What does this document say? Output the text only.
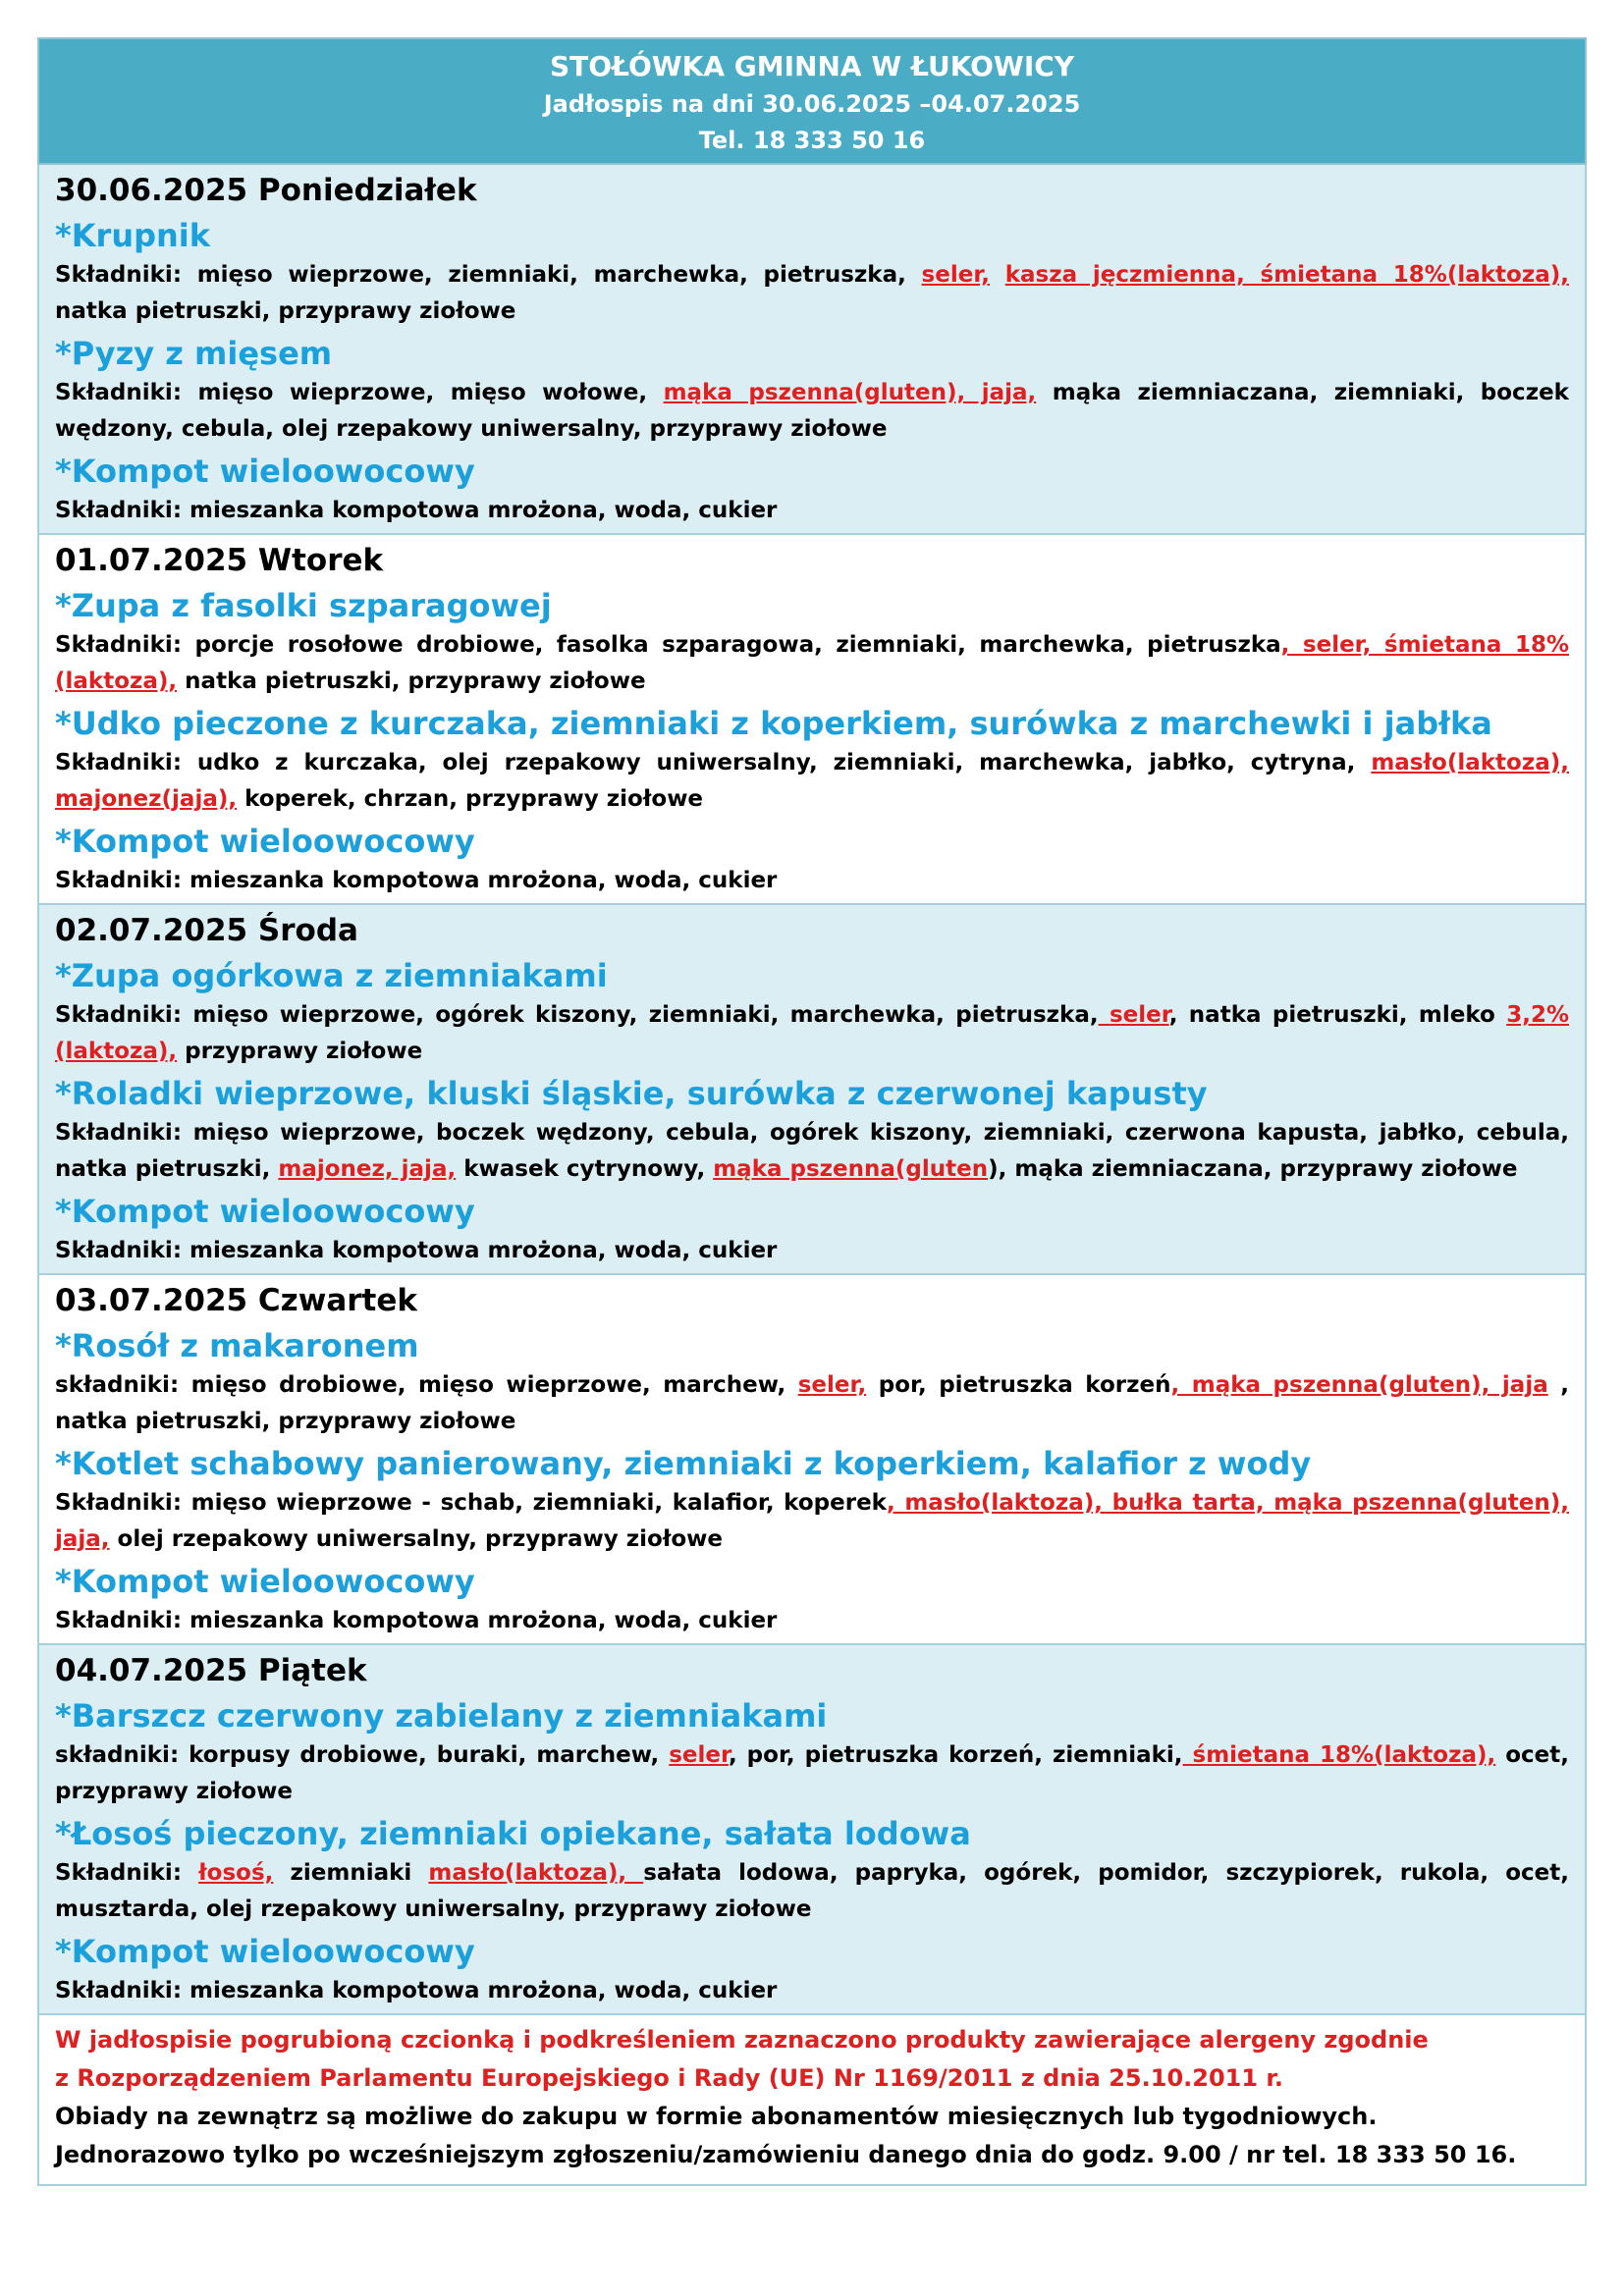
STOŁÓWKA GMINNA W ŁUKOWICY
Jadłospis na dni 30.06.2025 –04.07.2025
Tel. 18 333 50 16
30.06.2025 Poniedziałek
*Krupnik
Składniki: mięso wieprzowe, ziemniaki, marchewka, pietruszka, seler, kasza jęczmienna, śmietana 18%(laktoza), natka pietruszki, przyprawy ziołowe
*Pyzy z mięsem
Składniki: mięso wieprzowe, mięso wołowe, mąka pszenna(gluten), jaja, mąka ziemniaczana, ziemniaki, boczek wędzony, cebula, olej rzepakowy uniwersalny, przyprawy ziołowe
*Kompot wieloowocowy
Składniki: mieszanka kompotowa mrożona, woda, cukier
01.07.2025 Wtorek
*Zupa z fasolki szparagowej
Składniki: porcje rosołowe drobiowe, fasolka szparagowa, ziemniaki, marchewka, pietruszka, seler, śmietana 18%(laktoza), natka pietruszki, przyprawy ziołowe
*Udko pieczone z kurczaka, ziemniaki z koperkiem, surówka z marchewki i jabłka
Składniki: udko z kurczaka, olej rzepakowy uniwersalny, ziemniaki, marchewka, jabłko, cytryna, masło(laktoza), majonez(jaja), koperek, chrzan, przyprawy ziołowe
*Kompot wieloowocowy
Składniki: mieszanka kompotowa mrożona, woda, cukier
02.07.2025 Środa
*Zupa ogórkowa z ziemniakami
Składniki: mięso wieprzowe, ogórek kiszony, ziemniaki, marchewka, pietruszka, seler, natka pietruszki, mleko 3,2%(laktoza), przyprawy ziołowe
*Roladki wieprzowe, kluski śląskie, surówka z czerwonej kapusty
Składniki: mięso wieprzowe, boczek wędzony, cebula, ogórek kiszony, ziemniaki, czerwona kapusta, jabłko, cebula, natka pietruszki, majonez, jaja, kwasek cytrynowy, mąka pszenna(gluten), mąka ziemniaczana, przyprawy ziołowe
*Kompot wieloowocowy
Składniki: mieszanka kompotowa mrożona, woda, cukier
03.07.2025 Czwartek
*Rosół z makaronem
składniki: mięso drobiowe, mięso wieprzowe, marchew, seler, por, pietruszka korzeń, mąka pszenna(gluten), jaja , natka pietruszki, przyprawy ziołowe
*Kotlet schabowy panierowany, ziemniaki z koperkiem, kalafior z wody
Składniki: mięso wieprzowe - schab, ziemniaki, kalafior, koperek, masło(laktoza), bułka tarta, mąka pszenna(gluten), jaja, olej rzepakowy uniwersalny, przyprawy ziołowe
*Kompot wieloowocowy
Składniki: mieszanka kompotowa mrożona, woda, cukier
04.07.2025 Piątek
*Barszcz czerwony zabielany z ziemniakami
składniki: korpusy drobiowe, buraki, marchew, seler, por, pietruszka korzeń, ziemniaki, śmietana 18%(laktoza), ocet, przyprawy ziołowe
*Łosoś pieczony, ziemniaki opiekane, sałata lodowa
Składniki: łosoś, ziemniaki masło(laktoza), sałata lodowa, papryka, ogórek, pomidor, szczypiorek, rukola, ocet, musztarda, olej rzepakowy uniwersalny, przyprawy ziołowe
*Kompot wieloowocowy
Składniki: mieszanka kompotowa mrożona, woda, cukier
W jadłospisie pogrubioną czcionką i podkreśleniem zaznaczono produkty zawierające alergeny zgodnie
z Rozporządzeniem Parlamentu Europejskiego i Rady (UE) Nr 1169/2011 z dnia 25.10.2011 r.
Obiady na zewnątrz są możliwe do zakupu w formie abonamentów miesięcznych lub tygodniowych.
Jednorazowo tylko po wcześniejszym zgłoszeniu/zamówieniu danego dnia do godz. 9.00 / nr tel. 18 333 50 16.
